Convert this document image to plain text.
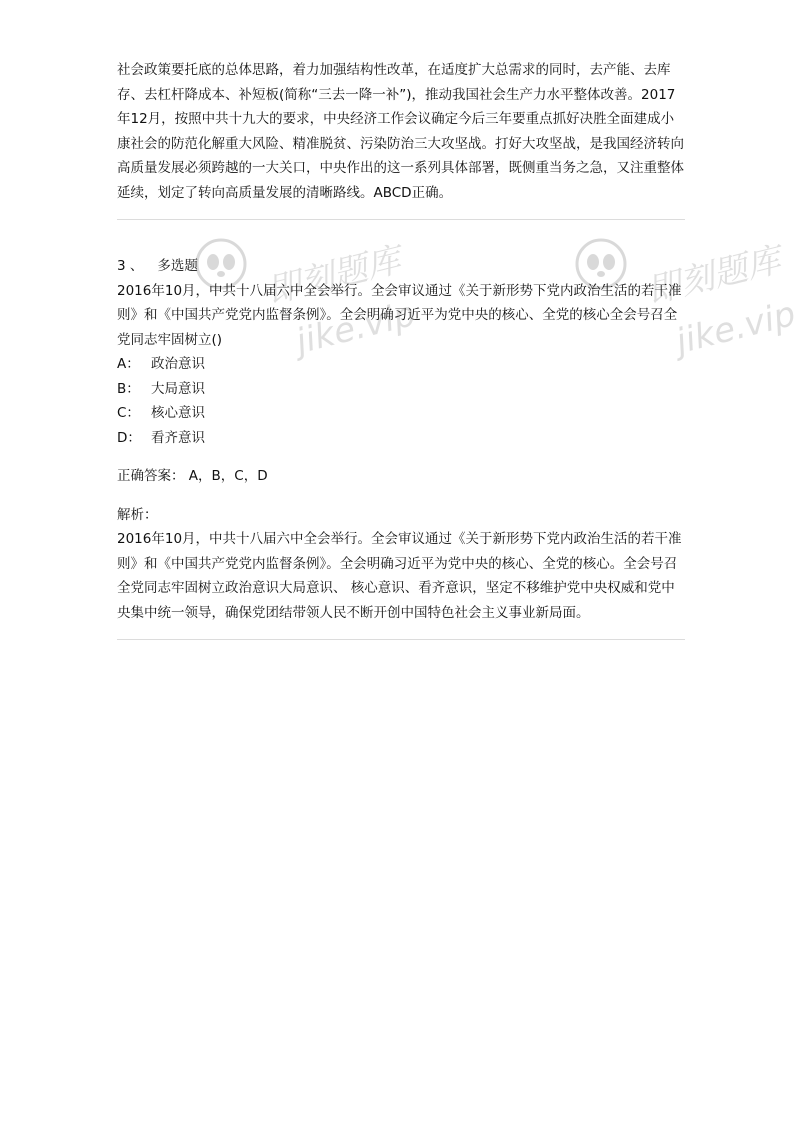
社会政策要托底的总体思路，着力加强结构性改革，在适度扩大总需求的同时，去产能、去库存、去杠杆降成本、补短板(简称“三去一降一补”)，推动我国社会生产力水平整体改善。2017 年12月，按照中共十九大的要求，中央经济工作会议确定今后三年要重点抓好决胜全面建成小康社会的防范化解重大风险、精准脱贫、污染防治三大攻坚战。打好大攻坚战，是我国经济转向高质量发展必须跨越的一大关口，中央作出的这一系列具体部署，既侧重当务之急，又注重整体延续，划定了转向高质量发展的清晰路线。ABCD正确。

3 、 多选题

2016年10月，中共十八届六中全会举行。全会审议通过《关于新形势下党内政治生活的若干准则》和《中国共产党党内监督条例》。全会明确习近平为党中央的核心、全党的核心全会号召全党同志牢固树立()

A： 政治意识
B： 大局意识
C： 核心意识
D： 看齐意识
正确答案： A，B，C，D
解析：

2016年10月，中共十八届六中全会举行。全会审议通过《关于新形势下党内政治生活的若干准则》和《中国共产党党内监督条例》。全会明确习近平为党中央的核心、全党的核心。全会号召全党同志牢固树立政治意识大局意识、 核心意识、看齐意识，坚定不移维护党中央权威和党中央集中统一领导，确保党团结带领人民不断开创中国特色社会主义事业新局面。

即刻题库
jike.vip
即刻题库
jike.vip
